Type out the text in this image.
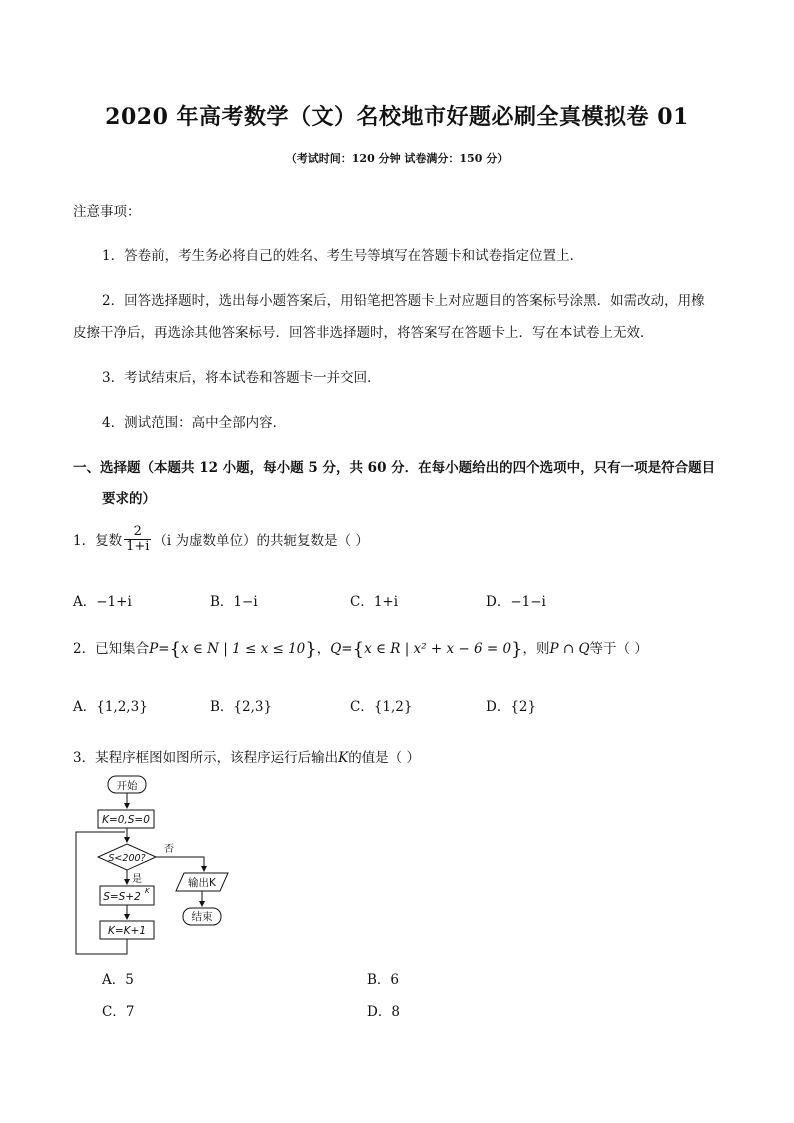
2020 年高考数学（文）名校地市好题必刷全真模拟卷 01
（考试时间：120 分钟 试卷满分：150 分）
注意事项：
1．答卷前，考生务必将自己的姓名、考生号等填写在答题卡和试卷指定位置上．
2．回答选择题时，选出每小题答案后，用铅笔把答题卡上对应题目的答案标号涂黑．如需改动，用橡
皮擦干净后，再选涂其他答案标号．回答非选择题时，将答案写在答题卡上．写在本试卷上无效．
3．考试结束后，将本试卷和答题卡一并交回．
4．测试范围：高中全部内容．
一、选择题（本题共 12 小题，每小题 5 分，共 60 分．在每小题给出的四个选项中，只有一项是符合题目
要求的）
1．复数 $\frac{2}{1+i} (i$ 为虚数单位）的共轭复数是（ ）
A．−1+i	B．1−i	C．1+i	D．−1−i
2．已知集合P={x ∈ N | 1 ≤ x ≤ 10}，Q={x ∈ R | x² + x − 6 = 0}，则P ∩ Q等于（ ）
A．{1,2,3}	B．{2,3}	C．{1,2}	D．{2}
3．某程序框图如图所示，该程序运行后输出K的值是（ ）
开始
K=0,S=0
S<200?
否
是
S=S+2 K
K=K+1
输出K
结束
A．5	B．6
C．7	D．8
